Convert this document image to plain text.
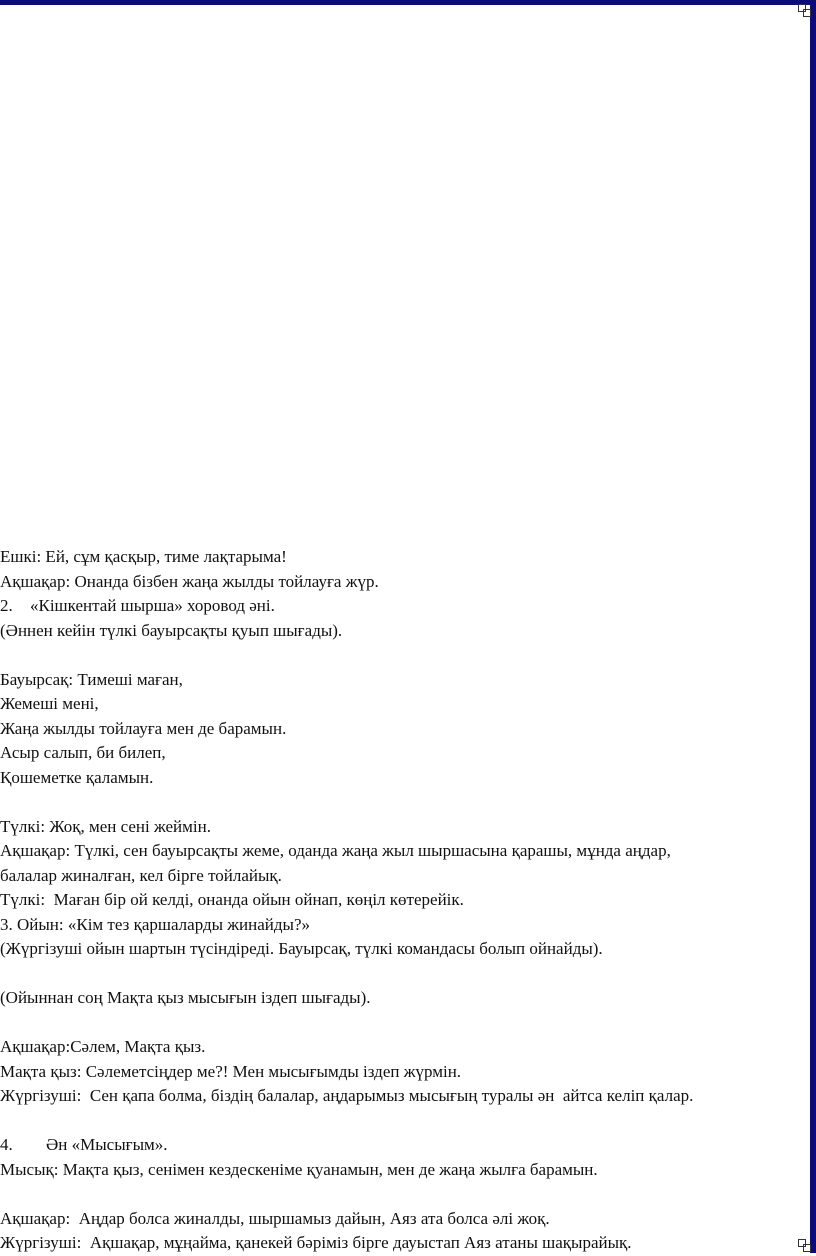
Ешкі: Ей, сұм қасқыр, тиме лақтарыма!
Ақшақар: Онанда бізбен жаңа жылды тойлауға жүр.
2.	«Кішкентай шырша» хоровод әні.
(Әннен кейін түлкі бауырсақты қуып шығады).
Бауырсақ: Тимеші маған,
Жемеші мені,
Жаңа жылды тойлауға мен де барамын.
Асыр салып, би билеп,
Қошеметке қаламын.
Түлкі: Жоқ, мен сені жеймін.
Ақшақар: Түлкі, сен бауырсақты жеме, оданда жаңа жыл шыршасына қарашы, мұнда аңдар,
балалар жиналған, кел бірге тойлайық.
Түлкі:  Маған бір ой келді, онанда ойын ойнап, көңіл көтерейік.
3. Ойын: «Кім тез қаршаларды жинайды?»
(Жүргізуші ойын шартын түсіндіреді. Бауырсақ, түлкі командасы болып ойнайды).
(Ойыннан соң Мақта қыз мысығын іздеп шығады).
Ақшақар:Сәлем, Мақта қыз.
Мақта қыз: Сәлеметсіңдер ме?! Мен мысығымды іздеп жүрмін.
Жүргізуші:  Сен қапа болма, біздің балалар, аңдарымыз мысығың туралы ән  айтса келіп қалар.
4.	Ән «Мысығым».
Мысық: Мақта қыз, сенімен кездескеніме қуанамын, мен де жаңа жылға барамын.
Ақшақар:  Аңдар болса жиналды, шыршамыз дайын, Аяз ата болса әлі жоқ.
Жүргізуші:  Ақшақар, мұңайма, қанекей бәріміз бірге дауыстап Аяз атаны шақырайық.
